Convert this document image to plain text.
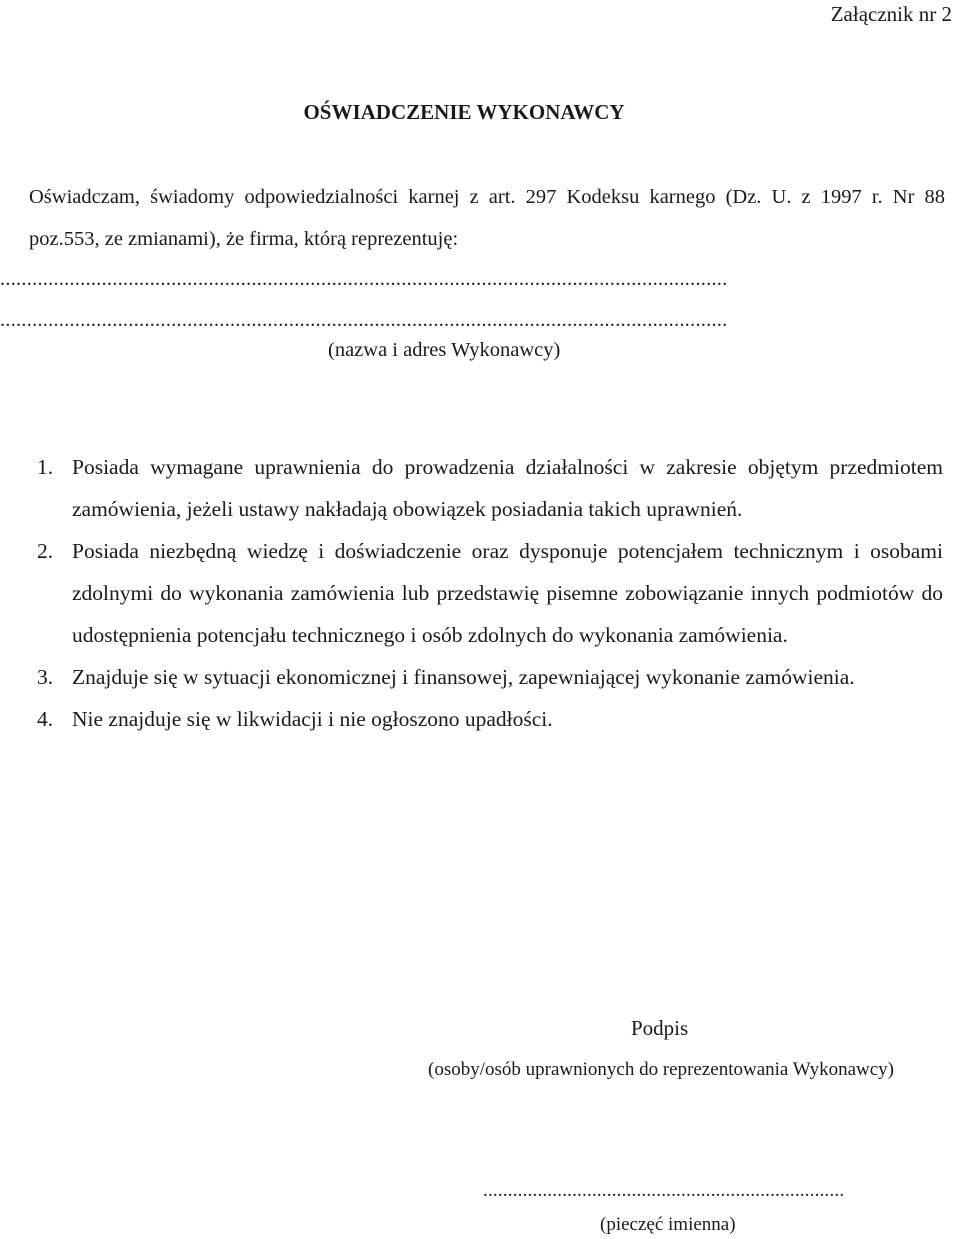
Załącznik nr 2
OŚWIADCZENIE WYKONAWCY
Oświadczam, świadomy odpowiedzialności karnej z art. 297 Kodeksu karnego (Dz. U. z 1997 r. Nr 88 poz.553, ze zmianami), że firma, którą reprezentuję:
........................................................................................................................................
........................................................................................................................................
(nazwa i adres Wykonawcy)
1. Posiada wymagane uprawnienia do prowadzenia działalności w zakresie objętym przedmiotem zamówienia, jeżeli ustawy nakładają obowiązek posiadania takich uprawnień.
2. Posiada niezbędną wiedzę i doświadczenie oraz dysponuje potencjałem technicznym i osobami zdolnymi do wykonania zamówienia lub przedstawię pisemne zobowiązanie innych podmiotów do udostępnienia potencjału technicznego i osób zdolnych do wykonania zamówienia.
3. Znajduje się w sytuacji ekonomicznej i finansowej, zapewniającej wykonanie zamówienia.
4. Nie znajduje się w likwidacji i nie ogłoszono upadłości.
Podpis
(osoby/osób uprawnionych do reprezentowania Wykonawcy)
.........................................................................
(pieczęć imienna)
